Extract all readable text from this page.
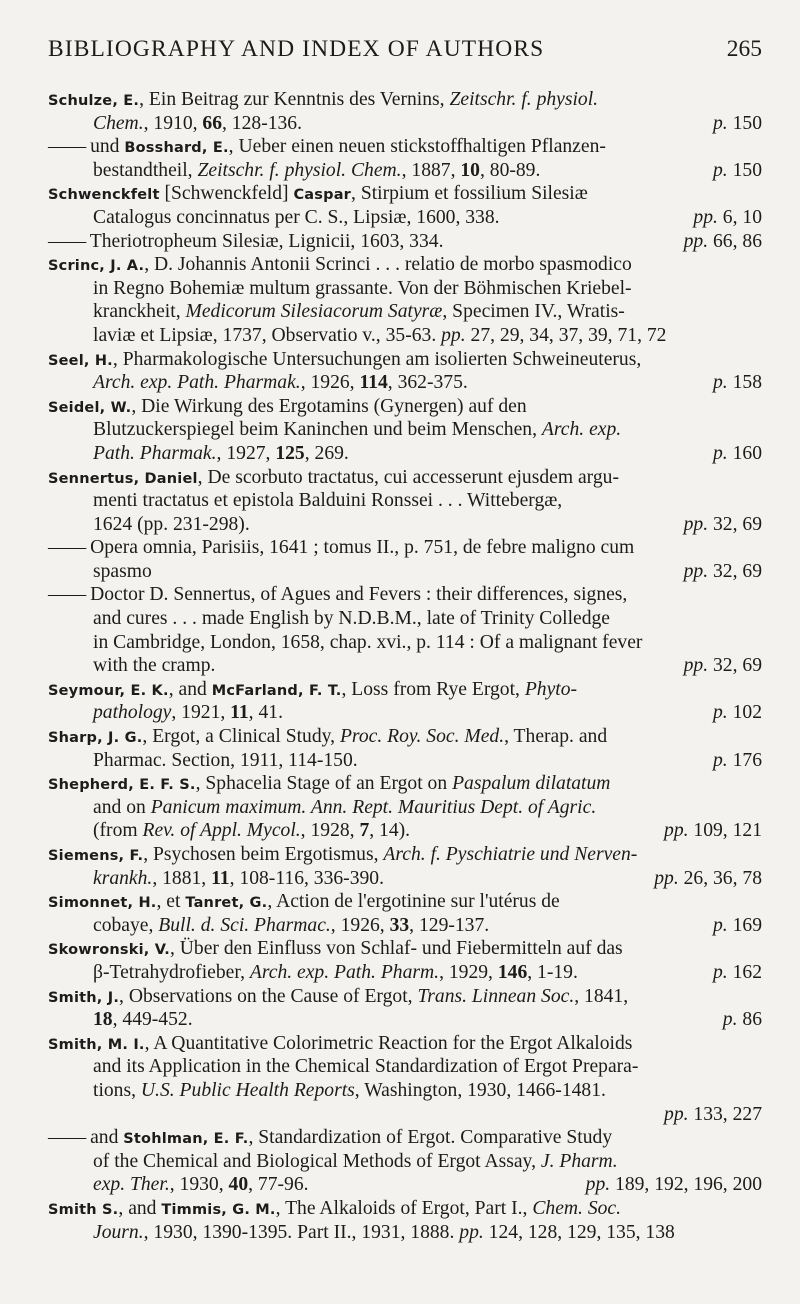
BIBLIOGRAPHY AND INDEX OF AUTHORS	265
Schulze, E., Ein Beitrag zur Kenntnis des Vernins, Zeitschr. f. physiol.
Chem., 1910, 66, 128-136.	p. 150
—— und Bosshard, E., Ueber einen neuen stickstoffhaltigen Pflanzen-
bestandtheil, Zeitschr. f. physiol. Chem., 1887, 10, 80-89.	p. 150
Schwenckfelt [Schwenckfeld] Caspar, Stirpium et fossilium Silesiæ
Catalogus concinnatus per C. S., Lipsiæ, 1600, 338.	pp. 6, 10
—— Theriotropheum Silesiæ, Lignicii, 1603, 334.	pp. 66, 86
Scrinc, J. A., D. Johannis Antonii Scrinci . . . relatio de morbo spasmodico
in Regno Bohemiæ multum grassante. Von der Böhmischen Kriebel-
kranckheit, Medicorum Silesiacorum Satyræ, Specimen IV., Wratis-
laviæ et Lipsiæ, 1737, Observatio v., 35-63. pp. 27, 29, 34, 37, 39, 71, 72
Seel, H., Pharmakologische Untersuchungen am isolierten Schweineuterus,
Arch. exp. Path. Pharmak., 1926, 114, 362-375.	p. 158
Seidel, W., Die Wirkung des Ergotamins (Gynergen) auf den
Blutzuckerspiegel beim Kaninchen und beim Menschen, Arch. exp.
Path. Pharmak., 1927, 125, 269.	p. 160
Sennertus, Daniel, De scorbuto tractatus, cui accesserunt ejusdem argu-
menti tractatus et epistola Balduini Ronssei . . . Wittebergæ,
1624 (pp. 231-298).	pp. 32, 69
—— Opera omnia, Parisiis, 1641 ; tomus II., p. 751, de febre maligno cum
spasmo	pp. 32, 69
—— Doctor D. Sennertus, of Agues and Fevers : their differences, signes,
and cures . . . made English by N.D.B.M., late of Trinity Colledge
in Cambridge, London, 1658, chap. xvi., p. 114 : Of a malignant fever
with the cramp.	pp. 32, 69
Seymour, E. K., and McFarland, F. T., Loss from Rye Ergot, Phyto-
pathology, 1921, 11, 41.	p. 102
Sharp, J. G., Ergot, a Clinical Study, Proc. Roy. Soc. Med., Therap. and
Pharmac. Section, 1911, 114-150.	p. 176
Shepherd, E. F. S., Sphacelia Stage of an Ergot on Paspalum dilatatum
and on Panicum maximum. Ann. Rept. Mauritius Dept. of Agric.
(from Rev. of Appl. Mycol., 1928, 7, 14).	pp. 109, 121
Siemens, F., Psychosen beim Ergotismus, Arch. f. Pyschiatrie und Nerven-
krankh., 1881, 11, 108-116, 336-390.	pp. 26, 36, 78
Simonnet, H., et Tanret, G., Action de l'ergotinine sur l'utérus de
cobaye, Bull. d. Sci. Pharmac., 1926, 33, 129-137.	p. 169
Skowronski, V., Über den Einfluss von Schlaf- und Fiebermitteln auf das
β-Tetrahydrofieber, Arch. exp. Path. Pharm., 1929, 146, 1-19.	p. 162
Smith, J., Observations on the Cause of Ergot, Trans. Linnean Soc., 1841,
18, 449-452.	p. 86
Smith, M. I., A Quantitative Colorimetric Reaction for the Ergot Alkaloids
and its Application in the Chemical Standardization of Ergot Prepara-
tions, U.S. Public Health Reports, Washington, 1930, 1466-1481.
pp. 133, 227
—— and Stohlman, E. F., Standardization of Ergot. Comparative Study
of the Chemical and Biological Methods of Ergot Assay, J. Pharm.
exp. Ther., 1930, 40, 77-96.	pp. 189, 192, 196, 200
Smith S., and Timmis, G. M., The Alkaloids of Ergot, Part I., Chem. Soc.
Journ., 1930, 1390-1395. Part II., 1931, 1888. pp. 124, 128, 129, 135, 138
